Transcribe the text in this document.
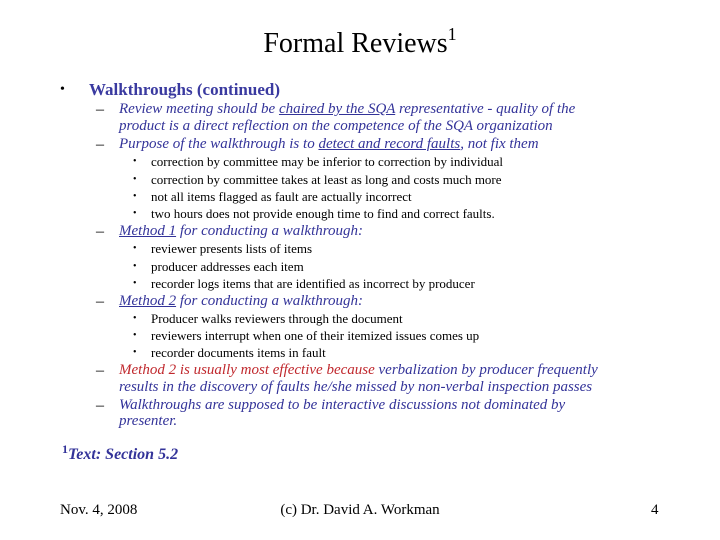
Formal Reviews$^1$
• Walkthroughs (continued)
– Review meeting should be chaired by the SQA representative - quality of the
product is a direct reflection on the competence of the SQA organization
– Purpose of the walkthrough is to detect and record faults, not fix them
• correction by committee may be inferior to correction by individual
• correction by committee takes at least as long and costs much more
• not all items flagged as fault are actually incorrect
• two hours does not provide enough time to find and correct faults.
– Method 1 for conducting a walkthrough:
• reviewer presents lists of items
• producer addresses each item
• recorder logs items that are identified as incorrect by producer
– Method 2 for conducting a walkthrough:
• Producer walks reviewers through the document
• reviewers interrupt when one of their itemized issues comes up
• recorder documents items in fault
– Method 2 is usually most effective because verbalization by producer frequently
results in the discovery of faults he/she missed by non-verbal inspection passes
– Walkthroughs are supposed to be interactive discussions not dominated by
presenter.
$^1$Text: Section 5.2
Nov. 4, 2008	(c) Dr. David A. Workman	4
